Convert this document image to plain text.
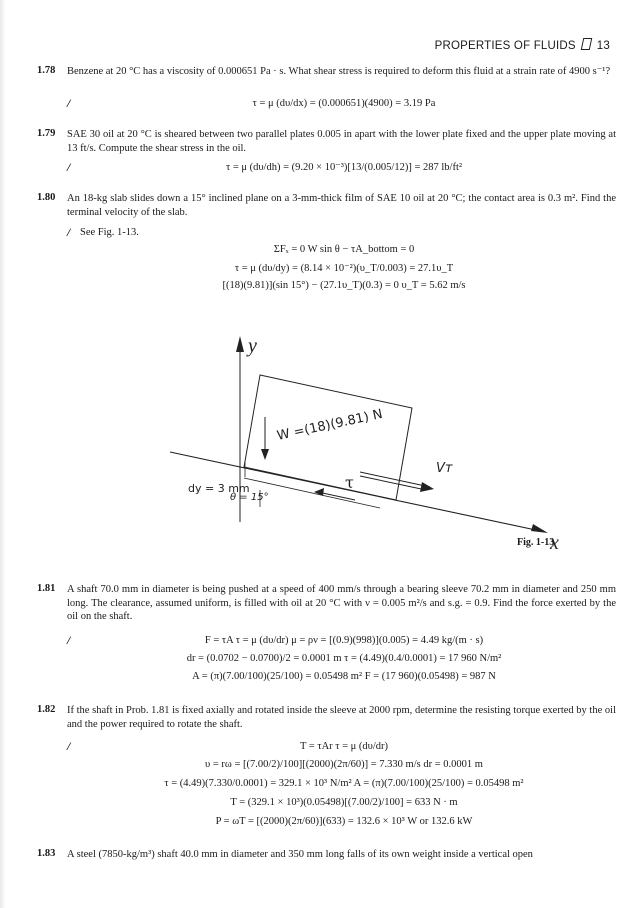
PROPERTIES OF FLUIDS 13
1.78 Benzene at 20 °C has a viscosity of 0.000651 Pa · s. What shear stress is required to deform this fluid at a strain rate of 4900 s⁻¹?
/	τ = μ (dυ/dx) = (0.000651)(4900) = 3.19 Pa
1.79 SAE 30 oil at 20 °C is sheared between two parallel plates 0.005 in apart with the lower plate fixed and the upper plate moving at 13 ft/s. Compute the shear stress in the oil.
/	τ = μ (dυ/dh) = (9.20 × 10⁻³)[13/(0.005/12)] = 287 lb/ft²
1.80 An 18-kg slab slides down a 15° inclined plane on a 3-mm-thick film of SAE 10 oil at 20 °C; the contact area is 0.3 m². Find the terminal velocity of the slab.
/ See Fig. 1-13.
ΣFₓ = 0 W sin θ − τA_bottom = 0
τ = μ (dυ/dy) = (8.14 × 10⁻²)(υ_T/0.003) = 27.1υ_T
[(18)(9.81)](sin 15°) − (27.1υ_T)(0.3) = 0 υ_T = 5.62 m/s
y
x
W =(18)(9.81) N
Vᴛ
τ
dy = 3 mm
θ = 15°
Fig. 1-13
1.81 A shaft 70.0 mm in diameter is being pushed at a speed of 400 mm/s through a bearing sleeve 70.2 mm in diameter and 250 mm long. The clearance, assumed uniform, is filled with oil at 20 °C with ν = 0.005 m²/s and s.g. = 0.9. Find the force exerted by the oil on the shaft.
/	F = τA τ = μ (dυ/dr) μ = ρν = [(0.9)(998)](0.005) = 4.49 kg/(m · s)
dr = (0.0702 − 0.0700)/2 = 0.0001 m τ = (4.49)(0.4/0.0001) = 17 960 N/m²
A = (π)(7.00/100)(25/100) = 0.05498 m² F = (17 960)(0.05498) = 987 N
1.82 If the shaft in Prob. 1.81 is fixed axially and rotated inside the sleeve at 2000 rpm, determine the resisting torque exerted by the oil and the power required to rotate the shaft.
/	T = τAr τ = μ (dυ/dr)
υ = rω = [(7.00/2)/100][(2000)(2π/60)] = 7.330 m/s dr = 0.0001 m
τ = (4.49)(7.330/0.0001) = 329.1 × 10³ N/m² A = (π)(7.00/100)(25/100) = 0.05498 m²
T = (329.1 × 10³)(0.05498)[(7.00/2)/100] = 633 N · m
P = ωT = [(2000)(2π/60)](633) = 132.6 × 10³ W or 132.6 kW
1.83 A steel (7850-kg/m³) shaft 40.0 mm in diameter and 350 mm long falls of its own weight inside a vertical open
